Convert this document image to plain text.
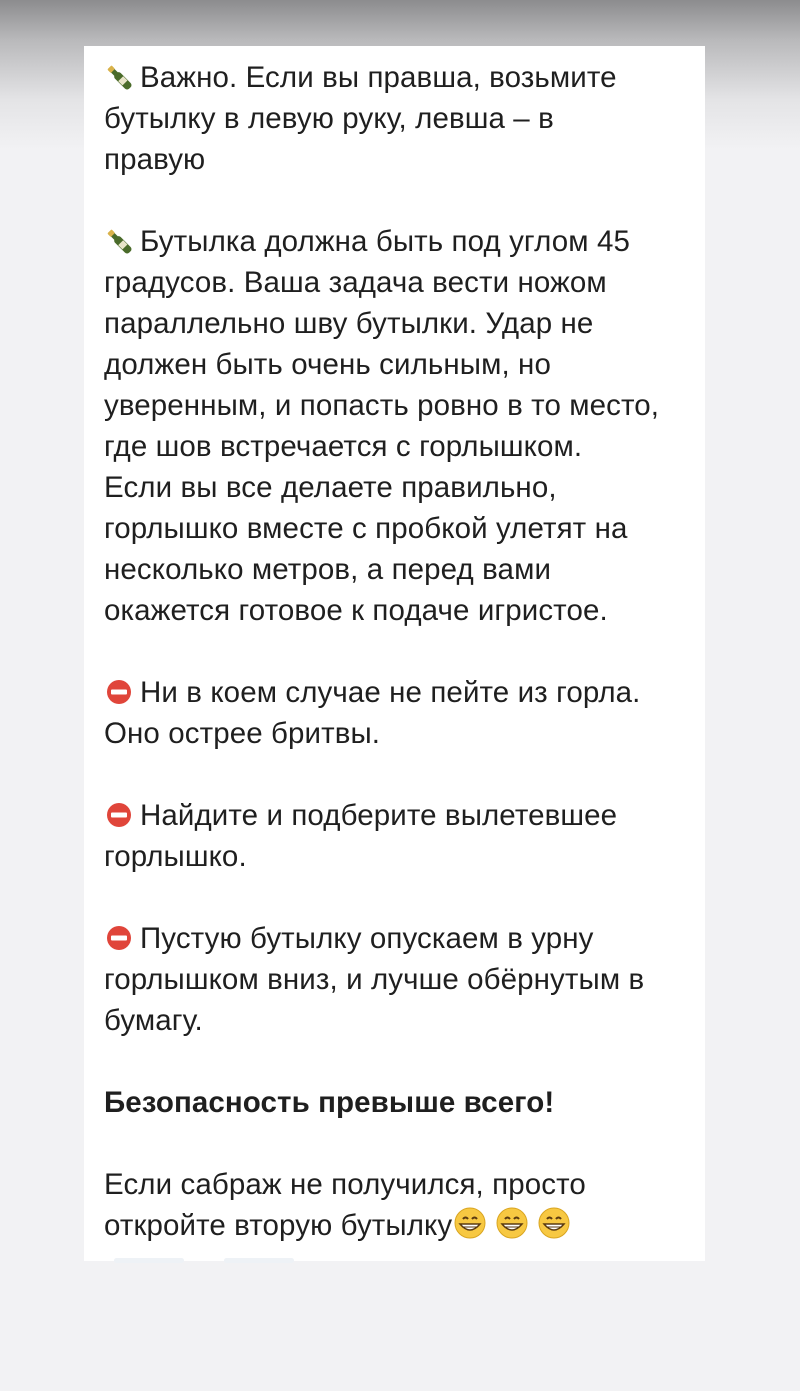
Важно. Если вы правша, возьмите
бутылку в левую руку, левша – в
правую
Бутылка должна быть под углом 45
градусов. Ваша задача вести ножом
параллельно шву бутылки. Удар не
должен быть очень сильным, но
уверенным, и попасть ровно в то место,
где шов встречается с горлышком.
Если вы все делаете правильно,
горлышко вместе с пробкой улетят на
несколько метров, а перед вами
окажется готовое к подаче игристое.
Ни в коем случае не пейте из горла.
Оно острее бритвы.
Найдите и подберите вылетевшее
горлышко.
Пустую бутылку опускаем в урну
горлышком вниз, и лучше обёрнутым в
бумагу.
Безопасность превыше всего!
Если сабраж не получился, просто
откройте вторую бутылку
